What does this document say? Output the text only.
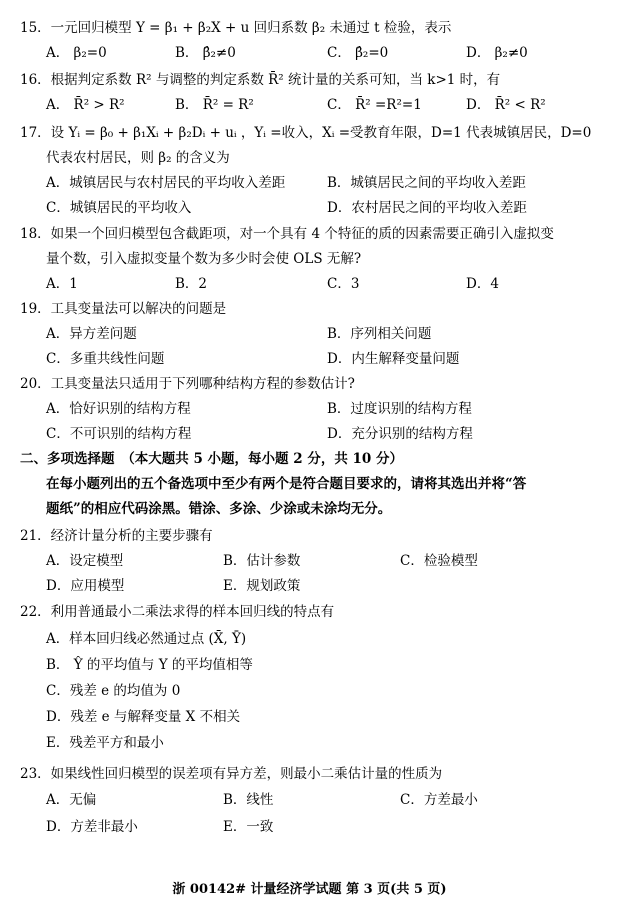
15．一元回归模型 Y = β₁ + β₂X + u 回归系数 β₂ 未通过 t 检验，表示
A． β₂=0	B． β̂₂≠0	C． β̂₂=0	D． β₂≠0
16．根据判定系数 R² 与调整的判定系数 R̄² 统计量的关系可知，当 k>1 时，有
A． R̄² > R²	B． R̄² = R²	C． R̄² =R²=1	D． R̄² < R²
17．设 Yᵢ = β₀ + β₁Xᵢ + β₂Dᵢ + uᵢ ，Yᵢ =收入，Xᵢ =受教育年限，D=1 代表城镇居民，D=0
代表农村居民，则 β₂ 的含义为
A．城镇居民与农村居民的平均收入差距	B．城镇居民之间的平均收入差距
C．城镇居民的平均收入	D．农村居民之间的平均收入差距
18．如果一个回归模型包含截距项，对一个具有 4 个特征的质的因素需要正确引入虚拟变
量个数，引入虚拟变量个数为多少时会使 OLS 无解?
A．1	B．2	C．3	D．4
19．工具变量法可以解决的问题是
A．异方差问题	B．序列相关问题
C．多重共线性问题	D．内生解释变量问题
20．工具变量法只适用于下列哪种结构方程的参数估计?
A．恰好识别的结构方程	B．过度识别的结构方程
C．不可识别的结构方程	D．充分识别的结构方程
二、多项选择题　（本大题共 5 小题，每小题 2 分，共 10 分）
在每小题列出的五个备选项中至少有两个是符合题目要求的，请将其选出并将“答
题纸”的相应代码涂黑。错涂、多涂、少涂或未涂均无分。
21．经济计量分析的主要步骤有
A．设定模型	B．估计参数	C．检验模型
D．应用模型	E．规划政策
22．利用普通最小二乘法求得的样本回归线的特点有
A．样本回归线必然通过点 (X̄, Ȳ)
B． Ŷ 的平均值与 Y 的平均值相等
C．残差 e 的均值为 0
D．残差 e 与解释变量 X 不相关
E．残差平方和最小
23．如果线性回归模型的误差项有异方差，则最小二乘估计量的性质为
A．无偏	B．线性	C．方差最小
D．方差非最小	E．一致
浙 00142# 计量经济学试题 第 3 页(共 5 页)
